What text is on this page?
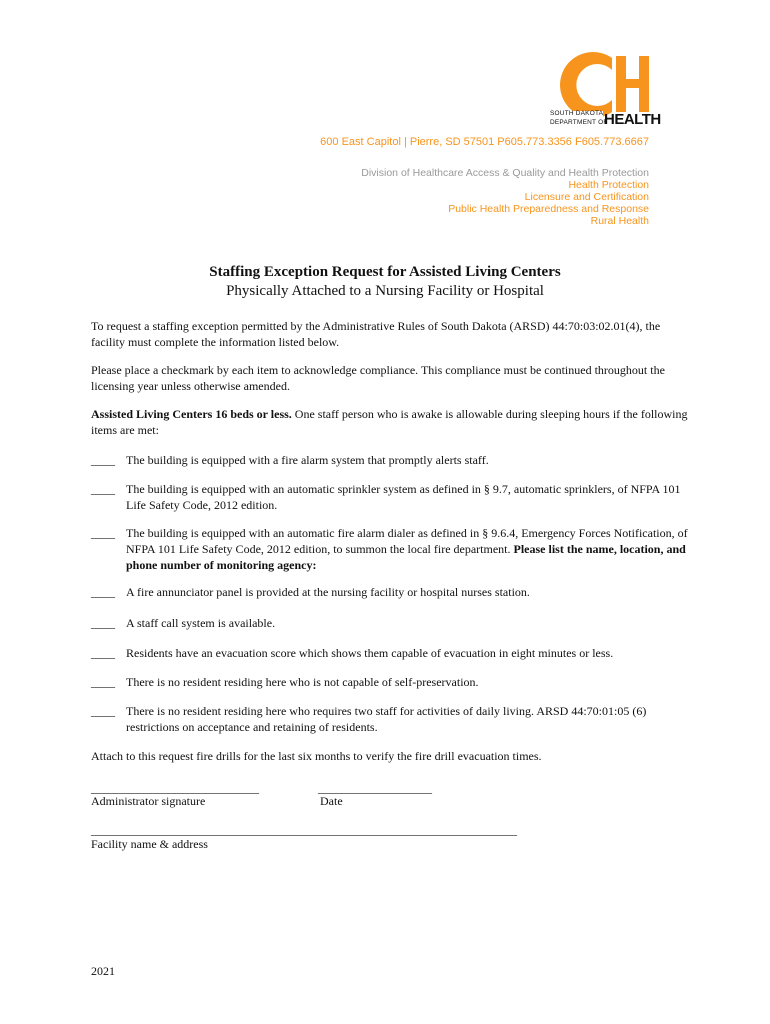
SOUTH DAKOTA
DEPARTMENT OF
HEALTH
600 East Capitol | Pierre, SD 57501 P605.773.3356 F605.773.6667
Division of Healthcare Access & Quality and Health Protection
Health Protection
Licensure and Certification
Public Health Preparedness and Response
Rural Health
Staffing Exception Request for Assisted Living Centers
Physically Attached to a Nursing Facility or Hospital
To request a staffing exception permitted by the Administrative Rules of South Dakota (ARSD) 44:70:03:02.01(4), the facility must complete the information listed below.
Please place a checkmark by each item to acknowledge compliance. This compliance must be continued throughout the licensing year unless otherwise amended.
Assisted Living Centers 16 beds or less. One staff person who is awake is allowable during sleeping hours if the following items are met:
____ The building is equipped with a fire alarm system that promptly alerts staff.
____ The building is equipped with an automatic sprinkler system as defined in § 9.7, automatic sprinklers, of NFPA 101 Life Safety Code, 2012 edition.
____ The building is equipped with an automatic fire alarm dialer as defined in § 9.6.4, Emergency Forces Notification, of NFPA 101 Life Safety Code, 2012 edition, to summon the local fire department. Please list the name, location, and phone number of monitoring agency:
____ A fire annunciator panel is provided at the nursing facility or hospital nurses station.
____ A staff call system is available.
____ Residents have an evacuation score which shows them capable of evacuation in eight minutes or less.
____ There is no resident residing here who is not capable of self-preservation.
____ There is no resident residing here who requires two staff for activities of daily living. ARSD 44:70:01:05 (6) restrictions on acceptance and retaining of residents.
Attach to this request fire drills for the last six months to verify the fire drill evacuation times.
____________________________
Administrator signature
___________________
Date
_______________________________________________________________________
Facility name & address
2021
